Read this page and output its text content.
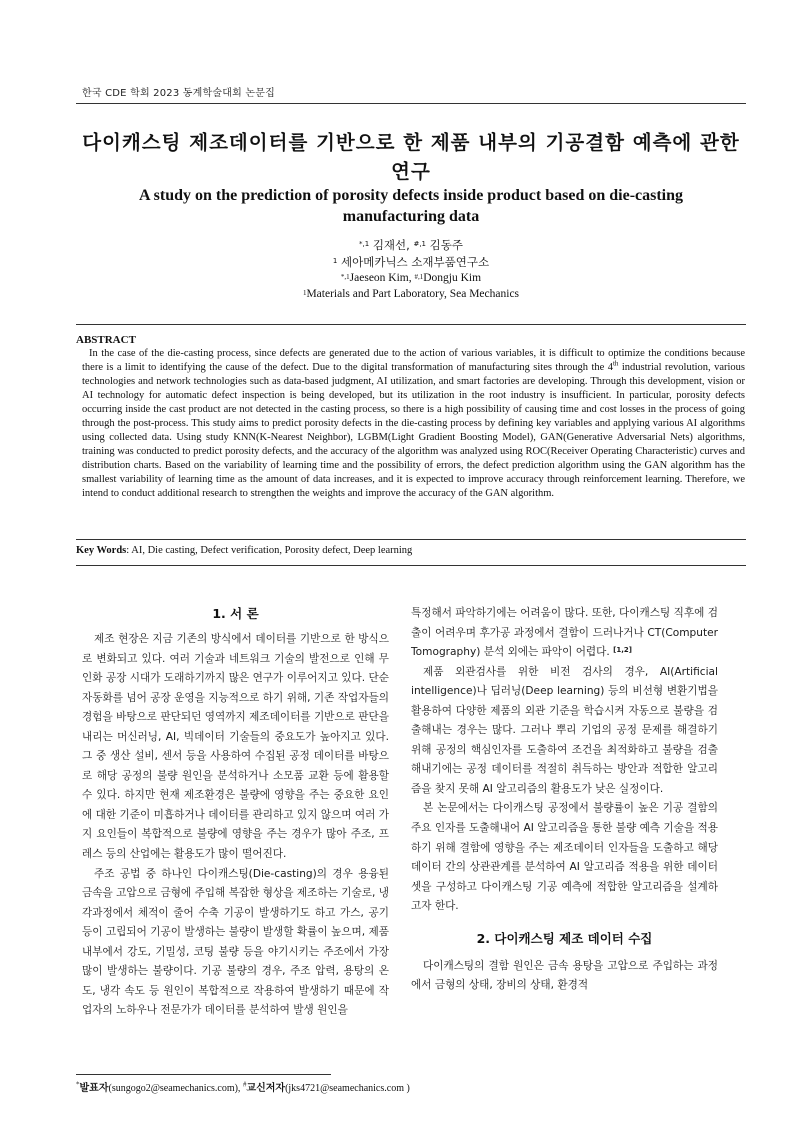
한국 CDE 학회 2023 동계학술대회 논문집
다이캐스팅 제조데이터를 기반으로 한 제품 내부의 기공결함 예측에 관한 연구
A study on the prediction of porosity defects inside product based on die-casting manufacturing data
$^{*,1}$ 김재선, $^{\#,1}$ 김동주
$^1$ 세아메카닉스 소재부품연구소
$^{*,1}$Jaeseon Kim, $^{\#,1}$Dongju Kim
$^1$Materials and Part Laboratory, Sea Mechanics
ABSTRACT

In the case of the die-casting process, since defects are generated due to the action of various variables, it is difficult to optimize the conditions because there is a limit to identifying the cause of the defect. Due to the digital transformation of manufacturing sites through the 4th industrial revolution, various technologies and network technologies such as data-based judgment, AI utilization, and smart factories are developing. Through this development, vision or AI technology for automatic defect inspection is being developed, but its utilization in the root industry is insufficient. In particular, porosity defects occurring inside the cast product are not detected in the casting process, so there is a high possibility of causing time and cost losses in the process of going through the post-process. This study aims to predict porosity defects in the die-casting process by defining key variables and applying various AI algorithms using collected data. Using study KNN(K-Nearest Neighbor), LGBM(Light Gradient Boosting Model), GAN(Generative Adversarial Nets) algorithms, training was conducted to predict porosity defects, and the accuracy of the algorithm was analyzed using ROC(Receiver Operating Characteristic) curves and distribution charts. Based on the variability of learning time and the possibility of errors, the defect prediction algorithm using the GAN algorithm has the smallest variability of learning time as the amount of data increases, and it is expected to improve accuracy through reinforcement learning. Therefore, we intend to conduct additional research to strengthen the weights and improve the accuracy of the GAN algorithm.

Key Words: AI, Die casting, Defect verification, Porosity defect, Deep learning
1. 서 론

제조 현장은 지금 기존의 방식에서 데이터를 기반으로 한 방식으로 변화되고 있다. 여러 기술과 네트워크 기술의 발전으로 인해 무인화 공장 시대가 도래하기까지 많은 연구가 이루어지고 있다. 단순 자동화를 넘어 공장 운영을 지능적으로 하기 위해, 기존 작업자들의 경험을 바탕으로 판단되던 영역까지 제조데이터를 기반으로 판단을 내리는 머신러닝, AI, 빅데이터 기술들의 중요도가 높아지고 있다. 그 중 생산 설비, 센서 등을 사용하여 수집된 공정 데이터를 바탕으로 해당 공정의 불량 원인을 분석하거나 소모품 교환 등에 활용할 수 있다. 하지만 현재 제조환경은 불량에 영향을 주는 중요한 요인에 대한 기준이 미흡하거나 데이터를 관리하고 있지 않으며 여러 가지 요인들이 복합적으로 불량에 영향을 주는 경우가 많아 주조, 프레스 등의 산업에는 활용도가 많이 떨어진다.

주조 공법 중 하나인 다이캐스팅(Die-casting)의 경우 용융된 금속을 고압으로 금형에 주입해 복잡한 형상을 제조하는 기술로, 냉각과정에서 체적이 줄어 수축 기공이 발생하기도 하고 가스, 공기 등이 고립되어 기공이 발생하는 불량이 발생할 확률이 높으며, 제품 내부에서 강도, 기밀성, 코팅 불량 등을 야기시키는 주조에서 가장 많이 발생하는 불량이다. 기공 불량의 경우, 주조 압력, 용탕의 온도, 냉각 속도 등 원인이 복합적으로 작용하여 발생하기 때문에 작업자의 노하우나 전문가가 데이터를 분석하여 발생 원인을

특정해서 파악하기에는 어려움이 많다. 또한, 다이캐스팅 직후에 검출이 어려우며 후가공 과정에서 결함이 드러나거나 CT(Computer Tomography) 분석 외에는 파악이 어렵다. [1,2]

제품 외관검사를 위한 비전 검사의 경우, AI(Artificial intelligence)나 딥러닝(Deep learning) 등의 비선형 변환기법을 활용하여 다양한 제품의 외관 기준을 학습시켜 자동으로 불량을 검출해내는 경우는 많다. 그러나 뿌리 기업의 공정 문제를 해결하기 위해 공정의 핵심인자를 도출하여 조건을 최적화하고 불량을 검출해내기에는 공정 데이터를 적절히 취득하는 방안과 적합한 알고리즘을 찾지 못해 AI 알고리즘의 활용도가 낮은 실정이다.

본 논문에서는 다이캐스팅 공정에서 불량률이 높은 기공 결함의 주요 인자를 도출해내어 AI 알고리즘을 통한 불량 예측 기술을 적용하기 위해 결함에 영향을 주는 제조데이터 인자들을 도출하고 해당 데이터 간의 상관관계를 분석하여 AI 알고리즘 적용을 위한 데이터 셋을 구성하고 다이캐스팅 기공 예측에 적합한 알고리즘을 설계하고자 한다.

2. 다이캐스팅 제조 데이터 수집

다이캐스팅의 결함 원인은 금속 용탕을 고압으로 주입하는 과정에서 금형의 상태, 장비의 상태, 환경적

*발표자(sungogo2@seamechanics.com), #교신저자(jks4721@seamechanics.com )
